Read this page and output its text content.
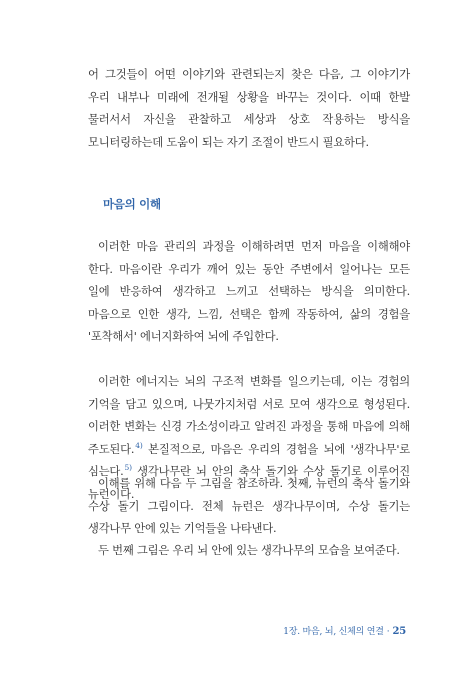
어 그것들이 어떤 이야기와 관련되는지 찾은 다음, 그 이야기가 우리 내부나 미래에 전개될 상황을 바꾸는 것이다. 이때 한발 물러서서 자신을 관찰하고 세상과 상호 작용하는 방식을 모니터링하는데 도움이 되는 자기 조절이 반드시 필요하다.

마음의 이해

이러한 마음 관리의 과정을 이해하려면 먼저 마음을 이해해야 한다. 마음이란 우리가 깨어 있는 동안 주변에서 일어나는 모든 일에 반응하여 생각하고 느끼고 선택하는 방식을 의미한다. 마음으로 인한 생각, 느낌, 선택은 함께 작동하여, 삶의 경험을 '포착해서' 에너지화하여 뇌에 주입한다.

이러한 에너지는 뇌의 구조적 변화를 일으키는데, 이는 경험의 기억을 담고 있으며, 나뭇가지처럼 서로 모여 생각으로 형성된다. 이러한 변화는 신경 가소성이라고 알려진 과정을 통해 마음에 의해 주도된다.$^{4)}$ 본질적으로, 마음은 우리의 경험을 뇌에 '생각나무'로 심는다.$^{5)}$ 생각나무란 뇌 안의 축삭 돌기와 수상 돌기로 이루어진 뉴런이다.

이해를 위해 다음 두 그림을 참조하라. 첫째, 뉴런의 축삭 돌기와 수상 돌기 그림이다. 전체 뉴런은 생각나무이며, 수상 돌기는 생각나무 안에 있는 기억들을 나타낸다.

두 번째 그림은 우리 뇌 안에 있는 생각나무의 모습을 보여준다.

1장. 마음, 뇌, 신체의 연결 · 25
